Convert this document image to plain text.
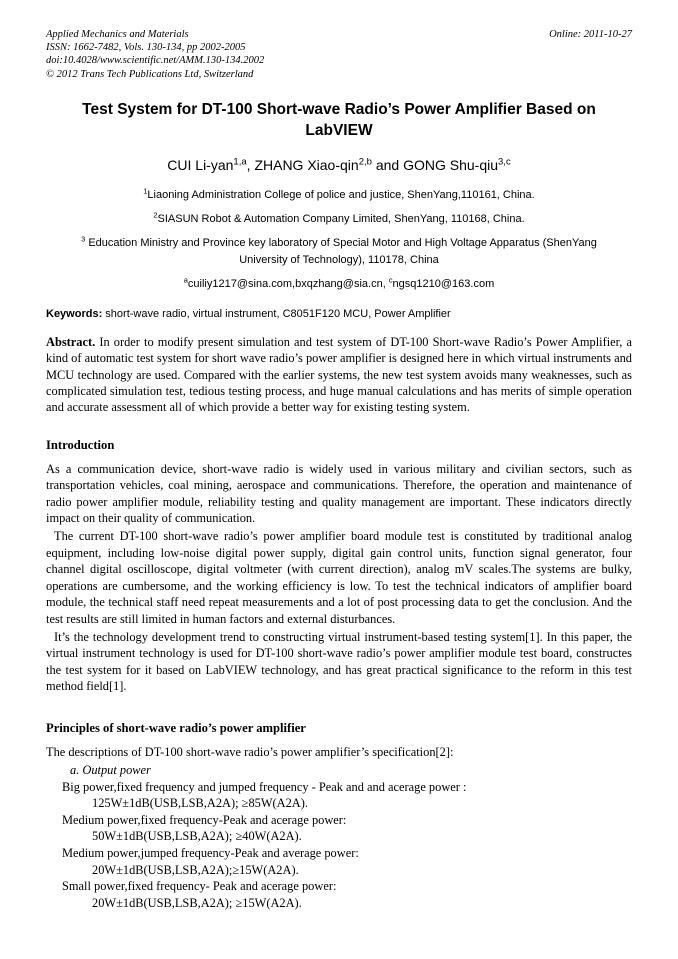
Applied Mechanics and Materials	Online: 2011-10-27
ISSN: 1662-7482, Vols. 130-134, pp 2002-2005
doi:10.4028/www.scientific.net/AMM.130-134.2002
© 2012 Trans Tech Publications Ltd, Switzerland
Test System for DT-100 Short-wave Radio’s Power Amplifier Based on LabVIEW
CUI Li-yan$^{1,a}$, ZHANG Xiao-qin$^{2,b}$ and GONG Shu-qiu$^{3,c}$
$^1$Liaoning Administration College of police and justice, ShenYang,110161, China.
$^2$SIASUN Robot & Automation Company Limited, ShenYang, 110168, China.
$^3$ Education Ministry and Province key laboratory of Special Motor and High Voltage Apparatus (ShenYang University of Technology), 110178, China
$^a$cuiliy1217@sina.com,bxqzhang@sia.cn, $^c$ngsq1210@163.com
Keywords: short-wave radio, virtual instrument, C8051F120 MCU, Power Amplifier
Abstract. In order to modify present simulation and test system of DT-100 Short-wave Radio’s Power Amplifier, a kind of automatic test system for short wave radio’s power amplifier is designed here in which virtual instruments and MCU technology are used. Compared with the earlier systems, the new test system avoids many weaknesses, such as complicated simulation test, tedious testing process, and huge manual calculations and has merits of simple operation and accurate assessment all of which provide a better way for existing testing system.
Introduction

As a communication device, short-wave radio is widely used in various military and civilian sectors, such as transportation vehicles, coal mining, aerospace and communications. Therefore, the operation and maintenance of radio power amplifier module, reliability testing and quality management are important. These indicators directly impact on their quality of communication.

The current DT-100 short-wave radio’s power amplifier board module test is constituted by traditional analog equipment, including low-noise digital power supply, digital gain control units, function signal generator, four channel digital oscilloscope, digital voltmeter (with current direction), analog mV scales.The systems are bulky, operations are cumbersome, and the working efficiency is low. To test the technical indicators of amplifier board module, the technical staff need repeat measurements and a lot of post processing data to get the conclusion. And the test results are still limited in human factors and external disturbances.

It’s the technology development trend to constructing virtual instrument-based testing system[1]. In this paper, the virtual instrument technology is used for DT-100 short-wave radio’s power amplifier module test board, constructes the test system for it based on LabVIEW technology, and has great practical significance to the reform in this test method field[1].

Principles of short-wave radio’s power amplifier

The descriptions of DT-100 short-wave radio’s power amplifier’s specification[2]:

a. Output power
Big power,fixed frequency and jumped frequency - Peak and and acerage power :
125W±1dB(USB,LSB,A2A); ≥85W(A2A).
Medium power,fixed frequency-Peak and acerage power:
50W±1dB(USB,LSB,A2A); ≥40W(A2A).
Medium power,jumped frequency-Peak and average power:
20W±1dB(USB,LSB,A2A);≥15W(A2A).
Small power,fixed frequency- Peak and acerage power:
20W±1dB(USB,LSB,A2A); ≥15W(A2A).
